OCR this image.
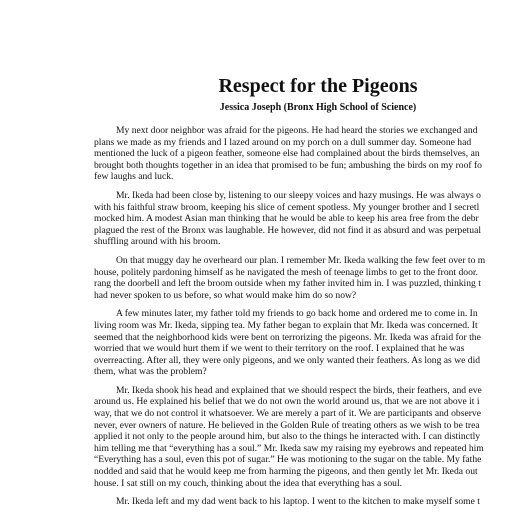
Respect for the Pigeons
Jessica Joseph (Bronx High School of Science)

My next door neighbor was afraid for the pigeons. He had heard the stories we exchanged and
plans we made as my friends and I lazed around on my porch on a dull summer day. Someone had
mentioned the luck of a pigeon feather, someone else had complained about the birds themselves, an
brought both thoughts together in an idea that promised to be fun; ambushing the birds on my roof fo
few laughs and luck.

Mr. Ikeda had been close by, listening to our sleepy voices and hazy musings. He was always o
with his faithful straw broom, keeping his slice of cement spotless. My younger brother and I secretl
mocked him. A modest Asian man thinking that he would be able to keep his area free from the debr
plagued the rest of the Bronx was laughable. He however, did not find it as absurd and was perpetual
shuffling around with his broom.

On that muggy day he overheard our plan. I remember Mr. Ikeda walking the few feet over to m
house, politely pardoning himself as he navigated the mesh of teenage limbs to get to the front door.
rang the doorbell and left the broom outside when my father invited him in. I was puzzled, thinking t
had never spoken to us before, so what would make him do so now?

A few minutes later, my father told my friends to go back home and ordered me to come in. In
living room was Mr. Ikeda, sipping tea. My father began to explain that Mr. Ikeda was concerned. It
seemed that the neighborhood kids were bent on terrorizing the pigeons. Mr. Ikeda was afraid for the
worried that we would hurt them if we went to their territory on the roof. I explained that he was
overreacting. After all, they were only pigeons, and we only wanted their feathers. As long as we did
them, what was the problem?

Mr. Ikeda shook his head and explained that we should respect the birds, their feathers, and eve
around us. He explained his belief that we do not own the world around us, that we are not above it i
way, that we do not control it whatsoever. We are merely a part of it. We are participants and observe
never, ever owners of nature. He believed in the Golden Rule of treating others as we wish to be trea
applied it not only to the people around him, but also to the things he interacted with. I can distinctly
him telling me that “everything has a soul.” Mr. Ikeda saw my raising my eyebrows and repeated him
“Everything has a soul, even this pot of sugar.” He was motioning to the sugar on the table. My fathe
nodded and said that he would keep me from harming the pigeons, and then gently let Mr. Ikeda out
house. I sat still on my couch, thinking about the idea that everything has a soul.

Mr. Ikeda left and my dad went back to his laptop. I went to the kitchen to make myself some t
